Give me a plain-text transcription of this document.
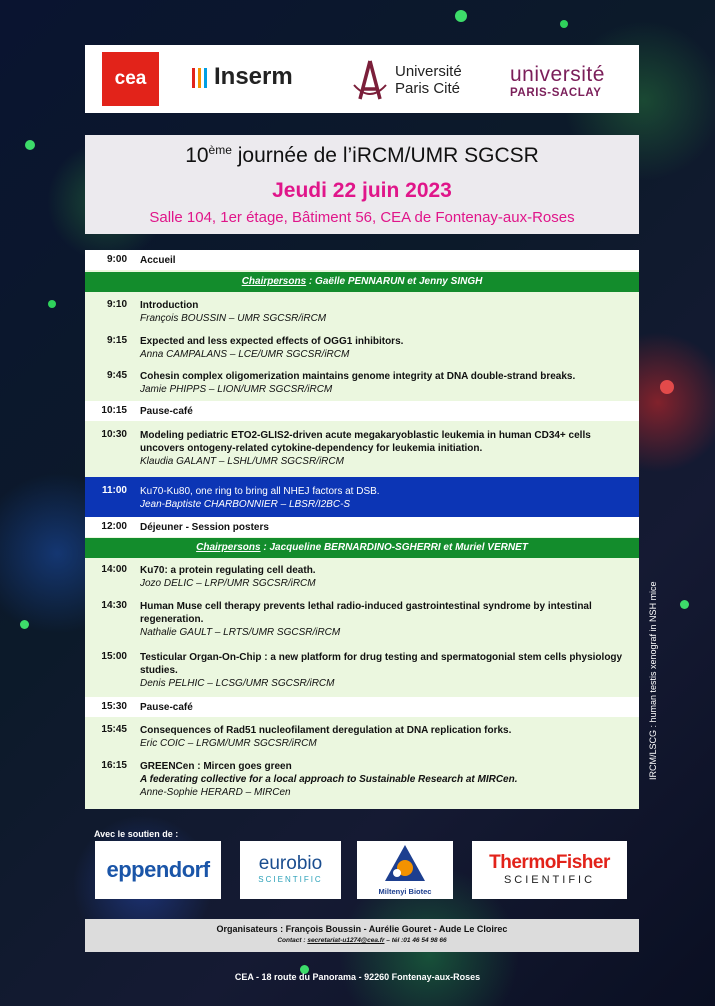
cea	Inserm	Université
Paris Cité
université
PARIS-SACLAY
10ème journée de l’iRCM/UMR SGCSR
Jeudi 22 juin 2023
Salle 104, 1er étage, Bâtiment 56, CEA de Fontenay-aux-Roses
9:00 Accueil
Chairpersons : Gaëlle PENNARUN et Jenny SINGH
9:10 Introduction
François BOUSSIN – UMR SGCSR/iRCM
9:15 Expected and less expected effects of OGG1 inhibitors.
Anna CAMPALANS – LCE/UMR SGCSR/iRCM
9:45 Cohesin complex oligomerization maintains genome integrity at DNA double-strand breaks.
Jamie PHIPPS – LION/UMR SGCSR/iRCM
10:15 Pause-café
10:30 Modeling pediatric ETO2-GLIS2-driven acute megakaryoblastic leukemia in human CD34+ cells uncovers ontogeny-related cytokine-dependency for leukemia initiation.
Klaudia GALANT – LSHL/UMR SGCSR/iRCM
11:00 Ku70-Ku80, one ring to bring all NHEJ factors at DSB.
Jean-Baptiste CHARBONNIER – LBSR/I2BC-S
12:00 Déjeuner - Session posters
Chairpersons : Jacqueline BERNARDINO-SGHERRI et Muriel VERNET
14:00 Ku70: a protein regulating cell death.
Jozo DELIC – LRP/UMR SGCSR/iRCM
14:30 Human Muse cell therapy prevents lethal radio-induced gastrointestinal syndrome by intestinal regeneration.
Nathalie GAULT – LRTS/UMR SGCSR/iRCM
15:00 Testicular Organ-On-Chip : a new platform for drug testing and spermatogonial stem cells physiology studies.
Denis PELHIC – LCSG/UMR SGCSR/iRCM
15:30 Pause-café
15:45 Consequences of Rad51 nucleofilament deregulation at DNA replication forks.
Eric COIC – LRGM/UMR SGCSR/iRCM
16:15 GREENCen : Mircen goes green
A federating collective for a local approach to Sustainable Research at MIRCen.
Anne-Sophie HERARD – MIRCen
IRCM/LSCG : human testis xenograf in NSH mice
Avec le soutien de :
eppendorf	eurobio
SCIENTIFIC
Miltenyi Biotec
ThermoFisher
SCIENTIFIC
Organisateurs : François Boussin - Aurélie Gouret - Aude Le Cloirec
Contact : secretariat-u1274@cea.fr – tél :01 46 54 98 66
CEA - 18 route du Panorama - 92260 Fontenay-aux-Roses
